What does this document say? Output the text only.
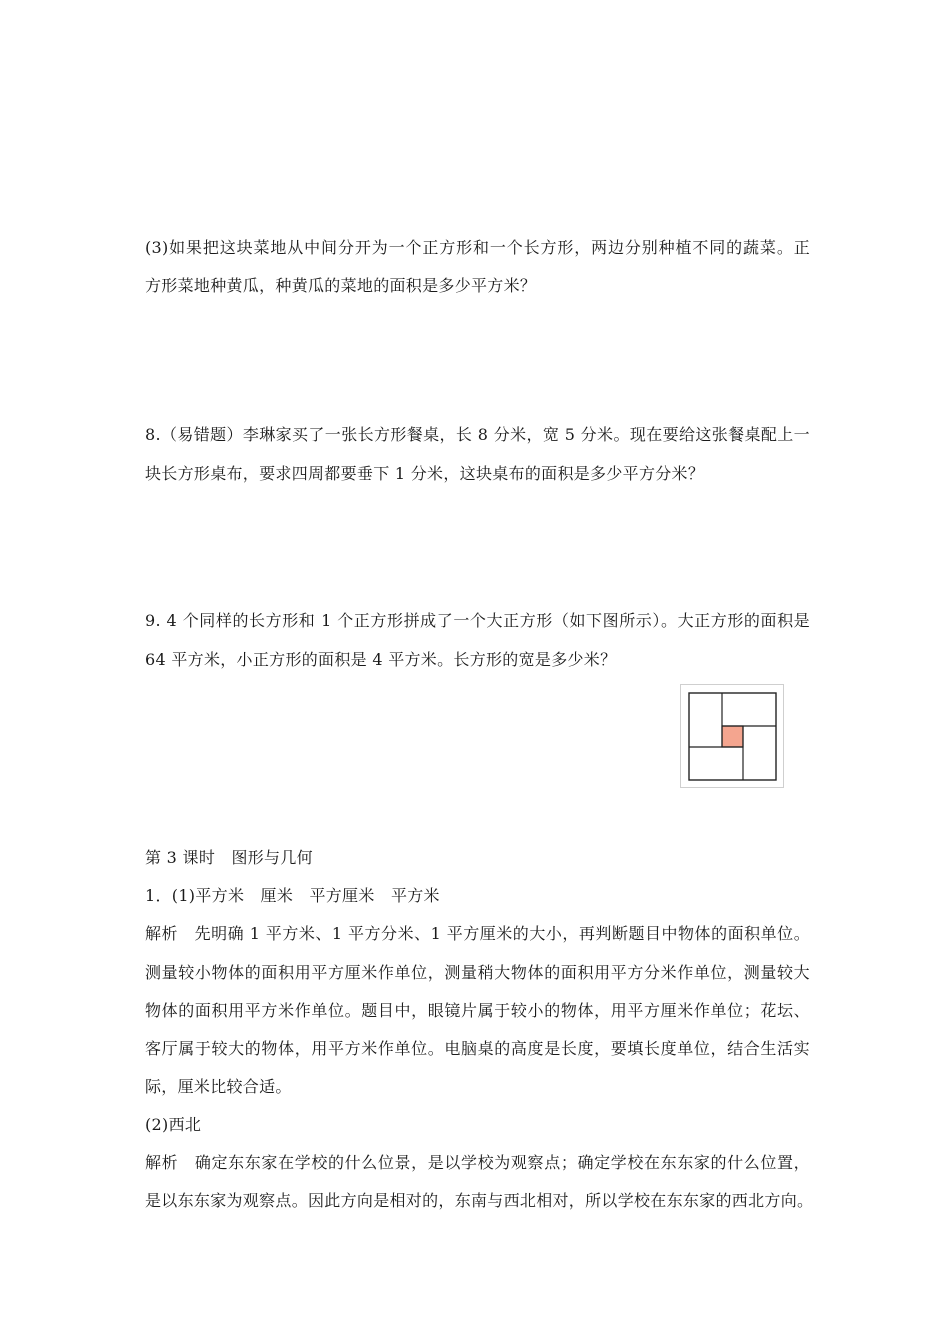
(3)如果把这块菜地从中间分开为一个正方形和一个长方形，两边分别种植不同的蔬菜。正
方形菜地种黄瓜，种黄瓜的菜地的面积是多少平方米？
8.（易错题）李琳家买了一张长方形餐桌，长 8 分米，宽 5 分米。现在要给这张餐桌配上一
块长方形桌布，要求四周都要垂下 1 分米，这块桌布的面积是多少平方分米？
9. 4 个同样的长方形和 1 个正方形拼成了一个大正方形（如下图所示）。大正方形的面积是
64 平方米，小正方形的面积是 4 平方米。长方形的宽是多少米？
第 3 课时　图形与几何
1．(1)平方米　厘米　平方厘米　平方米
解析　先明确 1 平方米、1 平方分米、1 平方厘米的大小，再判断题目中物体的面积单位。
测量较小物体的面积用平方厘米作单位，测量稍大物体的面积用平方分米作单位，测量较大
物体的面积用平方米作单位。题目中，眼镜片属于较小的物体，用平方厘米作单位；花坛、
客厅属于较大的物体，用平方米作单位。电脑桌的高度是长度，要填长度单位，结合生活实
际，厘米比较合适。
(2)西北
解析　确定东东家在学校的什么位景，是以学校为观察点；确定学校在东东家的什么位置，
是以东东家为观察点。因此方向是相对的，东南与西北相对，所以学校在东东家的西北方向。
